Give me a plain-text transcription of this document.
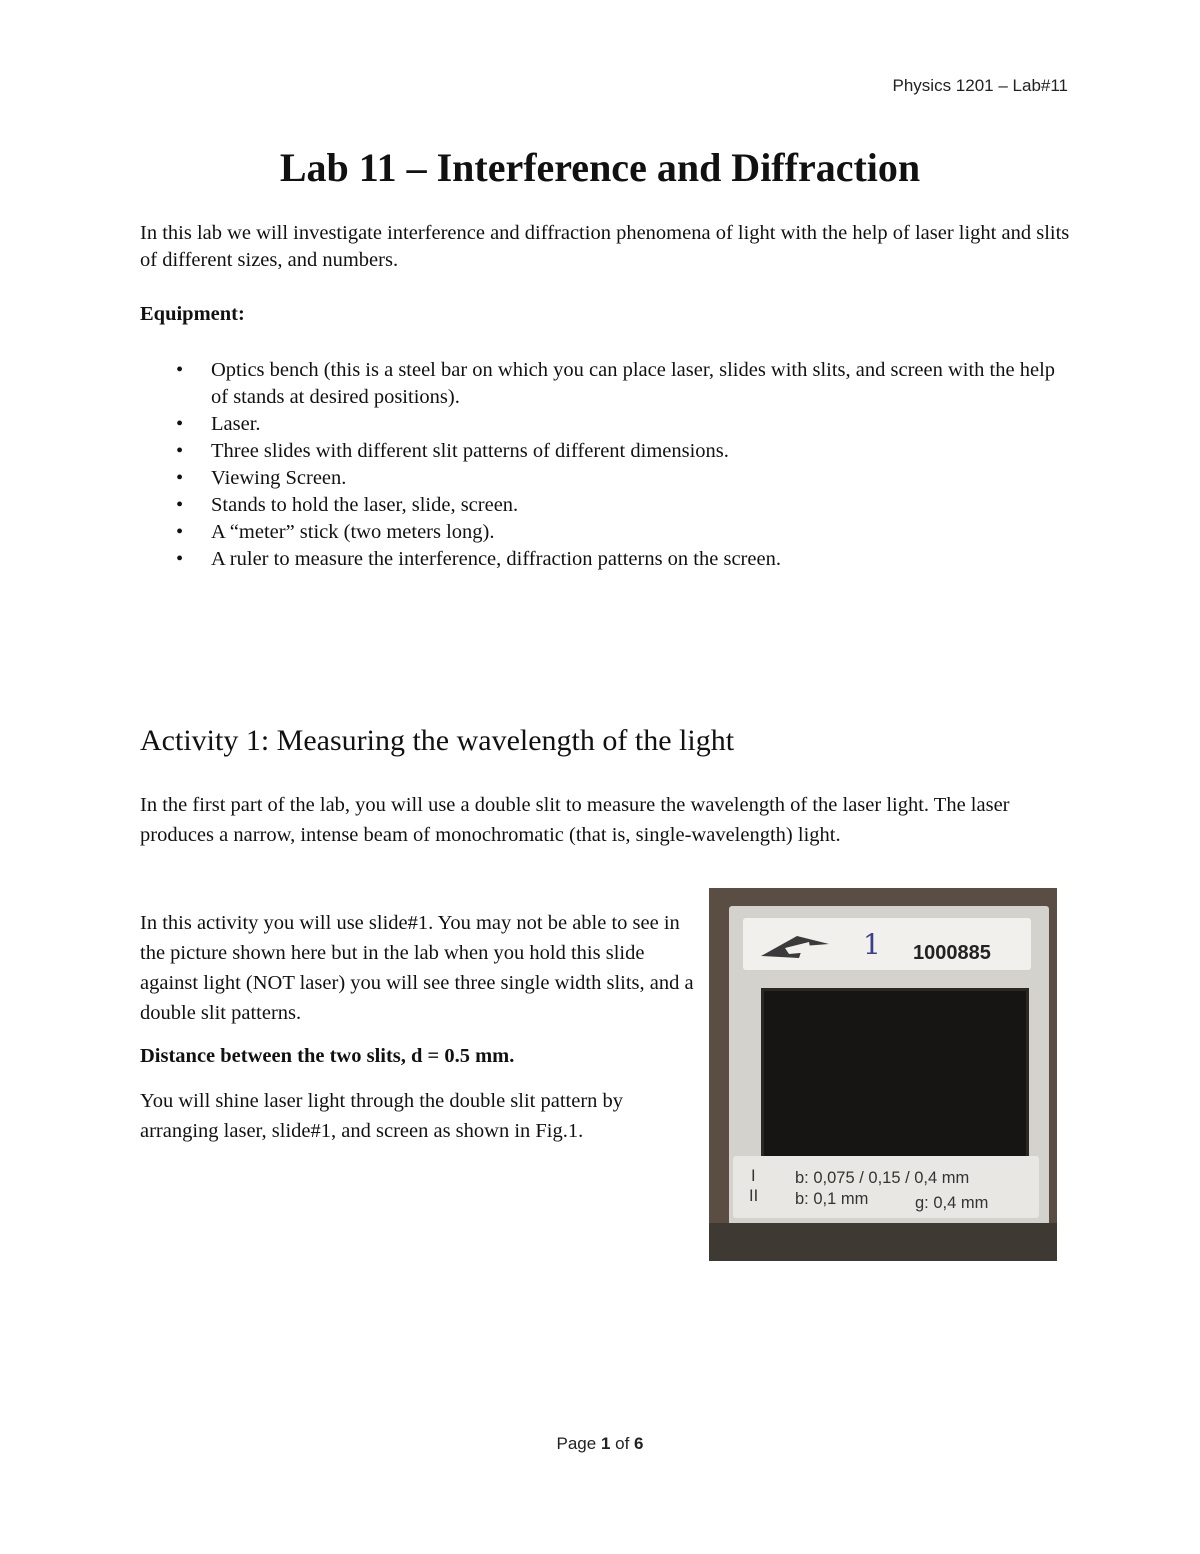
Physics 1201 – Lab#11
Lab 11 – Interference and Diffraction

In this lab we will investigate interference and diffraction phenomena of light with the help of laser light and slits of different sizes, and numbers.

Equipment:

• Optics bench (this is a steel bar on which you can place laser, slides with slits, and screen with the help of stands at desired positions).
• Laser.
• Three slides with different slit patterns of different dimensions.
• Viewing Screen.
• Stands to hold the laser, slide, screen.
• A “meter” stick (two meters long).
• A ruler to measure the interference, diffraction patterns on the screen.
Activity 1: Measuring the wavelength of the light

In the first part of the lab, you will use a double slit to measure the wavelength of the laser light. The laser produces a narrow, intense beam of monochromatic (that is, single-wavelength) light.

In this activity you will use slide#1. You may not be able to see in the picture shown here but in the lab when you hold this slide against light (NOT laser) you will see three single width slits, and a double slit patterns.

Distance between the two slits, d = 0.5 mm.

You will shine laser light through the double slit pattern by arranging laser, slide#1, and screen as shown in Fig.1.

1 1000885
I b: 0,075 / 0,15 / 0,4 mm
II b: 0,1 mm	g: 0,4 mm
Page 1 of 6
